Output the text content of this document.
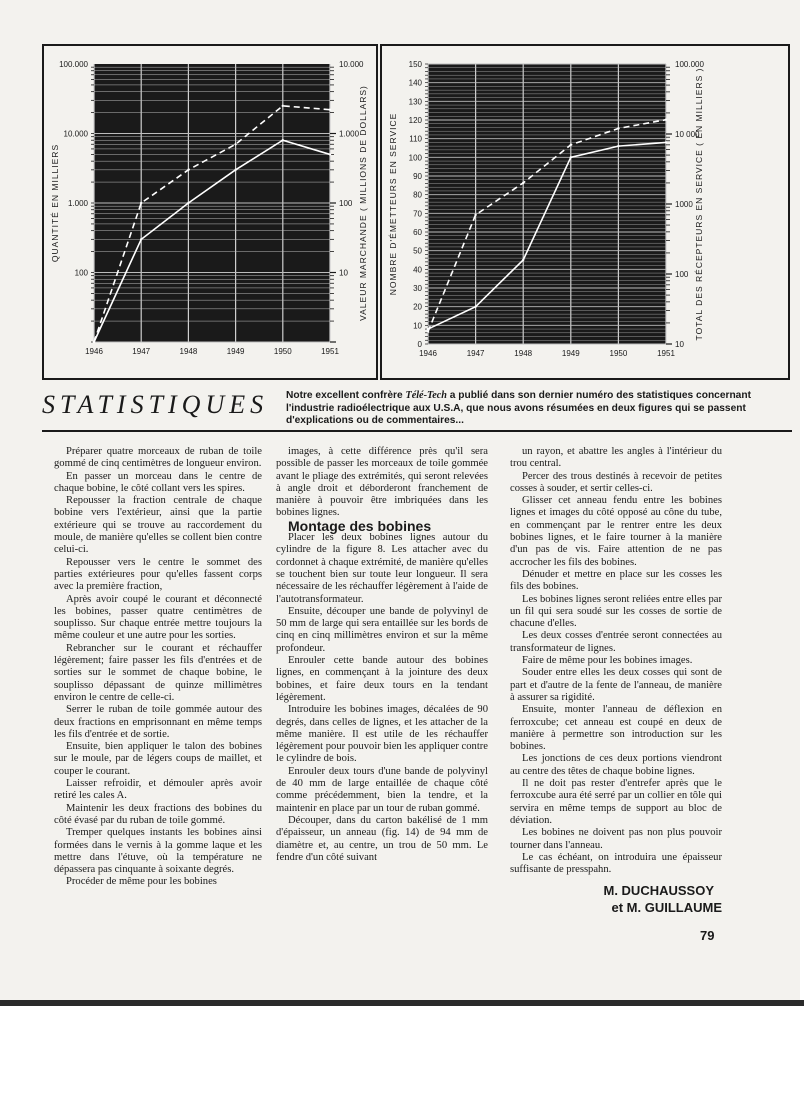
1946	1947	1948	1949	1950	1951
100.000
10.000
1.000
100
10.000
1.000
100
10
QUANTITÉ EN MILLIERS	VALEUR MARCHANDE ( MILLIONS DE DOLLARS)
1946	1947	1948	1949	1950	1951
0
10
20
30
40
50
60
70
80
90
100
110
120
130
140
150	100.000
10 000
1000
100
10
NOMBRE D'ÉMETTEURS EN SERVICE	TOTAL DES RÉCEPTEURS EN SERVICE ( EN MILLIERS )
STATISTIQUES Notre excellent confrère Télé-Tech a publié dans son dernier numéro des statistiques concernant l'industrie radioélectrique aux U.S.A, que nous avons résumées en deux figures qui se passent d'explications ou de commentaires...

Préparer quatre morceaux de ruban de toile gommé de cinq centimètres de longueur environ.

En passer un morceau dans le centre de chaque bobine, le côté collant vers les spires.

Repousser la fraction centrale de chaque bobine vers l'extérieur, ainsi que la partie extérieure qui se trouve au raccordement du moule, de manière qu'elles se collent bien contre celui-ci.

Repousser vers le centre le sommet des parties extérieures pour qu'elles fassent corps avec la première fraction,

Après avoir coupé le courant et déconnecté les bobines, passer quatre centimètres de souplisso. Sur chaque entrée mettre toujours la même couleur et une autre pour les sorties.

Rebrancher sur le courant et réchauffer légèrement; faire passer les fils d'entrées et de sorties sur le sommet de chaque bobine, le souplisso dépassant de quinze millimètres environ le centre de celle-ci.

Serrer le ruban de toile gommée autour des deux fractions en emprisonnant en même temps les fils d'entrée et de sortie.

Ensuite, bien appliquer le talon des bobines sur le moule, par de légers coups de maillet, et couper le courant.

Laisser refroidir, et démouler après avoir retiré les cales A.

Maintenir les deux fractions des bobines du côté évasé par du ruban de toile gommé.

Tremper quelques instants les bobines ainsi formées dans le vernis à la gomme laque et les mettre dans l'étuve, où la température ne dépassera pas cinquante à soixante degrés.

Procéder de même pour les bobines

images, à cette différence près qu'il sera possible de passer les morceaux de toile gommée avant le pliage des extrémités, qui seront relevées à angle droit et déborderont franchement de manière à pouvoir être imbriquées dans les bobines lignes.

Montage des bobines

Placer les deux bobines lignes autour du cylindre de la figure 8. Les attacher avec du cordonnet à chaque extrémité, de manière qu'elles se touchent bien sur toute leur longueur. Il sera nécessaire de les réchauffer légèrement à l'aide de l'autotransformateur.

Ensuite, découper une bande de polyvinyl de 50 mm de large qui sera entaillée sur les bords de cinq en cinq millimètres environ et sur la même profondeur.

Enrouler cette bande autour des bobines lignes, en commençant à la jointure des deux bobines, et faire deux tours en la tendant légèrement.

Introduire les bobines images, décalées de 90 degrés, dans celles de lignes, et les attacher de la même manière. Il est utile de les réchauffer légèrement pour pouvoir bien les appliquer contre le cylindre de bois.

Enrouler deux tours d'une bande de polyvinyl de 40 mm de large entaillée de chaque côté comme précédemment, bien la tendre, et la maintenir en place par un tour de ruban gommé.

Découper, dans du carton bakélisé de 1 mm d'épaisseur, un anneau (fig. 14) de 94 mm de diamètre et, au centre, un trou de 50 mm. Le fendre d'un côté suivant

un rayon, et abattre les angles à l'intérieur du trou central.

Percer des trous destinés à recevoir de petites cosses à souder, et sertir celles-ci.

Glisser cet anneau fendu entre les bobines lignes et images du côté opposé au cône du tube, en commençant par le rentrer entre les deux bobines lignes, et le faire tourner à la manière d'un pas de vis. Faire attention de ne pas accrocher les fils des bobines.

Dénuder et mettre en place sur les cosses les fils des bobines.

Les bobines lignes seront reliées entre elles par un fil qui sera soudé sur les cosses de sortie de chacune d'elles.

Les deux cosses d'entrée seront connectées au transformateur de lignes.

Faire de même pour les bobines images.

Souder entre elles les deux cosses qui sont de part et d'autre de la fente de l'anneau, de manière à assurer sa rigidité.

Ensuite, monter l'anneau de déflexion en ferroxcube; cet anneau est coupé en deux de manière à permettre son introduction sur les bobines.

Les jonctions de ces deux portions viendront au centre des têtes de chaque bobine lignes.

Il ne doit pas rester d'entrefer après que le ferroxcube aura été serré par un collier en tôle qui servira en même temps de support au bloc de déviation.

Les bobines ne doivent pas non plus pouvoir tourner dans l'anneau.

Le cas échéant, on introduira une épaisseur suffisante de presspahn.

M. DUCHAUSSOY
et M. GUILLAUME
79
